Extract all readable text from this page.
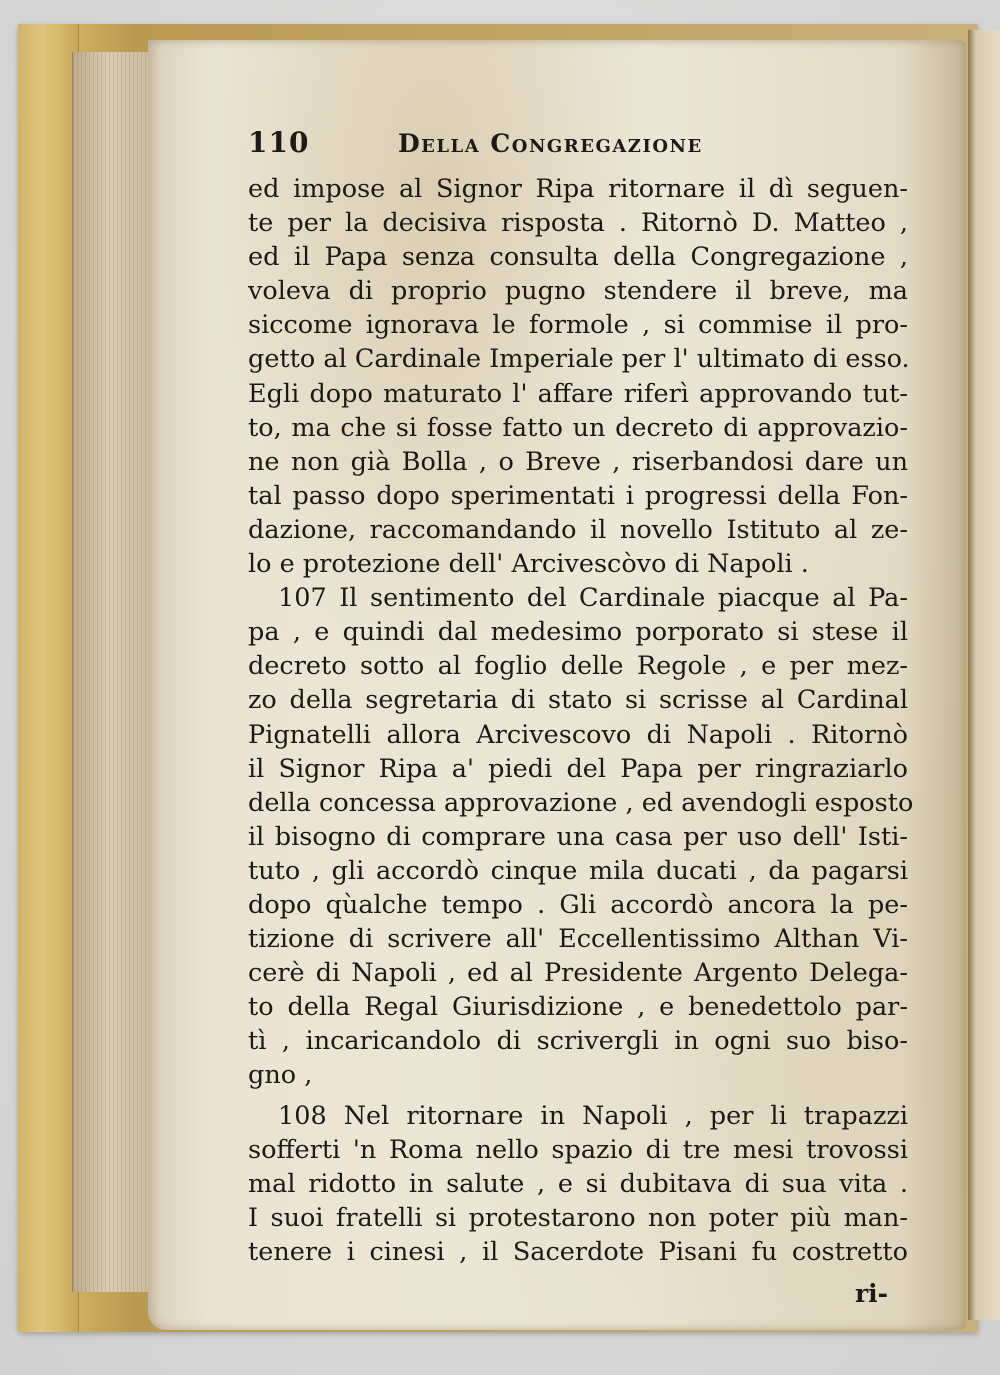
110	Della Congregazione
ed impose al Signor Ripa ritornare il dì seguen-
te per la decisiva risposta . Ritornò D. Matteo ,
ed il Papa senza consulta della Congregazione ,
voleva di proprio pugno stendere il breve, ma
siccome ignorava le formole , si commise il pro-
getto al Cardinale Imperiale per l' ultimato di esso.
Egli dopo maturato l' affare riferì approvando tut-
to, ma che si fosse fatto un decreto di approvazio-
ne non già Bolla , o Breve , riserbandosi dare un
tal passo dopo sperimentati i progressi della Fon-
dazione, raccomandando il novello Istituto al ze-
lo e protezione dell' Arcivescòvo di Napoli .
107 Il sentimento del Cardinale piacque al Pa-
pa , e quindi dal medesimo porporato si stese il
decreto sotto al foglio delle Regole , e per mez-
zo della segretaria di stato si scrisse al Cardinal
Pignatelli allora Arcivescovo di Napoli . Ritornò
il Signor Ripa a' piedi del Papa per ringraziarlo
della concessa approvazione , ed avendogli esposto
il bisogno di comprare una casa per uso dell' Isti-
tuto , gli accordò cinque mila ducati , da pagarsi
dopo qùalche tempo . Gli accordò ancora la pe-
tizione di scrivere all' Eccellentissimo Althan Vi-
cerè di Napoli , ed al Presidente Argento Delega-
to della Regal Giurisdizione , e benedettolo par-
tì , incaricandolo di scrivergli in ogni suo biso-
gno ,
108 Nel ritornare in Napoli , per li trapazzi
sofferti 'n Roma nello spazio di tre mesi trovossi
mal ridotto in salute , e si dubitava di sua vita .
I suoi fratelli si protestarono non poter più man-
tenere i cinesi , il Sacerdote Pisani fu costretto
ri-
